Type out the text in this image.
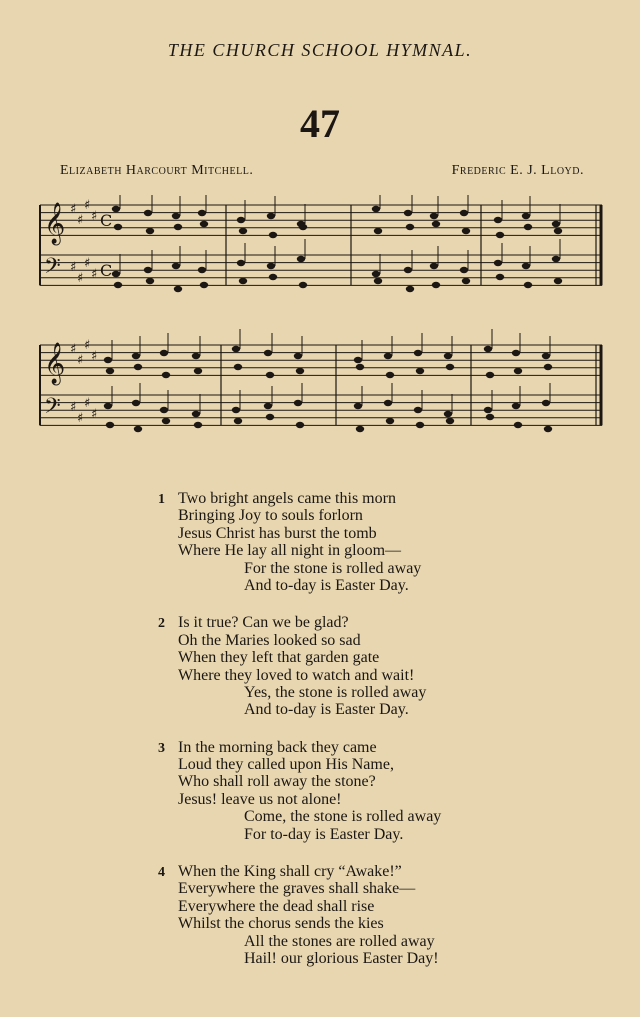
THE CHURCH SCHOOL HYMNAL.
47
Elizabeth Harcourt Mitchell.	Frederic E. J. Lloyd.
𝄞 ♯
♯
♯
♯ C
𝄢 ♯
♯
♯
♯ C
𝄞 ♯
♯
♯
♯
𝄢 ♯
♯
♯
♯
1 Two bright angels came this morn
Bringing Joy to souls forlorn
Jesus Christ has burst the tomb
Where He lay all night in gloom—
For the stone is rolled away
And to-day is Easter Day.
2 Is it true? Can we be glad?
Oh the Maries looked so sad
When they left that garden gate
Where they loved to watch and wait!
Yes, the stone is rolled away
And to-day is Easter Day.
3 In the morning back they came
Loud they called upon His Name,
Who shall roll away the stone?
Jesus! leave us not alone!
Come, the stone is rolled away
For to-day is Easter Day.
4 When the King shall cry “Awake!”
Everywhere the graves shall shake—
Everywhere the dead shall rise
Whilst the chorus sends the kies
All the stones are rolled away
Hail! our glorious Easter Day!
